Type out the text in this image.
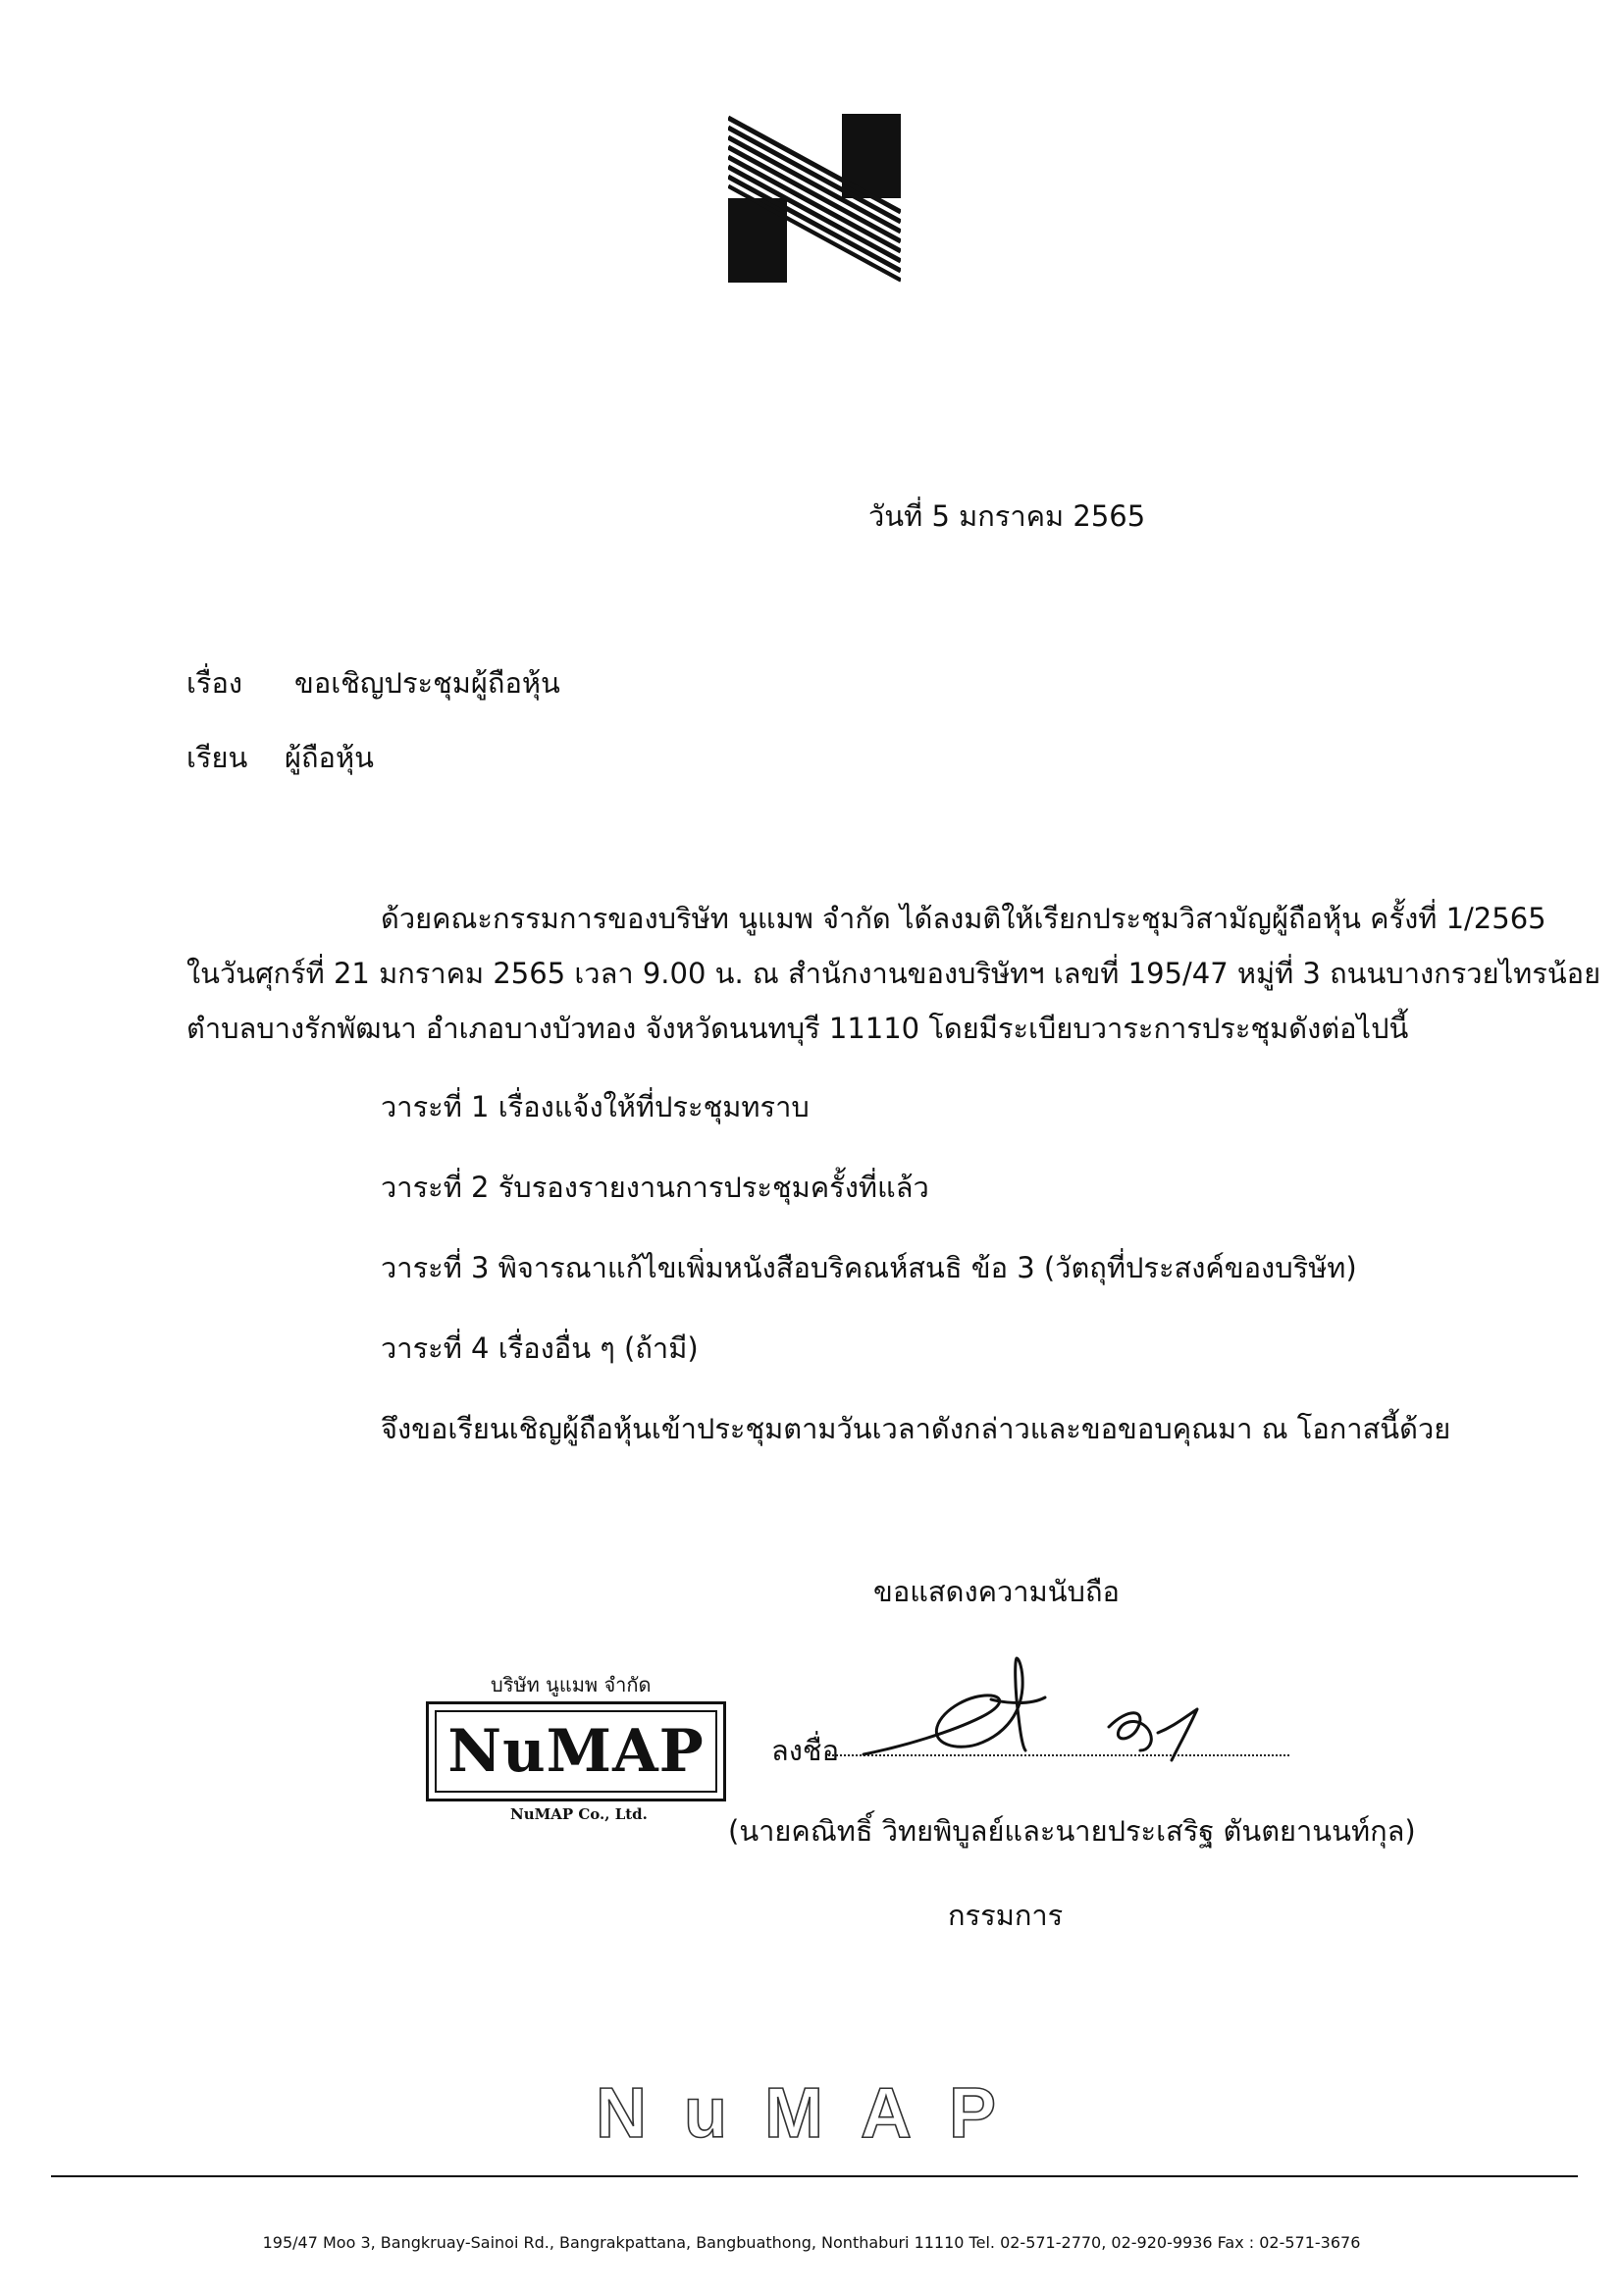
วันที่ 5 มกราคม 2565
เรื่อง ขอเชิญประชุมผู้ถือหุ้น
เรียน ผู้ถือหุ้น

ด้วยคณะกรรมการของบริษัท นูแมพ จำกัด ได้ลงมติให้เรียกประชุมวิสามัญผู้ถือหุ้น ครั้งที่ 1/2565

ในวันศุกร์ที่ 21 มกราคม 2565 เวลา 9.00 น. ณ สำนักงานของบริษัทฯ เลขที่ 195/47 หมู่ที่ 3 ถนนบางกรวยไทรน้อย

ตำบลบางรักพัฒนา อำเภอบางบัวทอง จังหวัดนนทบุรี 11110 โดยมีระเบียบวาระการประชุมดังต่อไปนี้

วาระที่ 1 เรื่องแจ้งให้ที่ประชุมทราบ
วาระที่ 2 รับรองรายงานการประชุมครั้งที่แล้ว
วาระที่ 3 พิจารณาแก้ไขเพิ่มหนังสือบริคณห์สนธิ ข้อ 3 (วัตถุที่ประสงค์ของบริษัท)
วาระที่ 4 เรื่องอื่น ๆ (ถ้ามี)
จึงขอเรียนเชิญผู้ถือหุ้นเข้าประชุมตามวันเวลาดังกล่าวและขอขอบคุณมา ณ โอกาสนี้ด้วย
ขอแสดงความนับถือ
บริษัท นูแมพ จำกัด
NuMAP
NuMAP Co., Ltd.
ลงชื่อ
(นายคณิทธิ์ วิทยพิบูลย์และนายประเสริฐ ตันตยานนท์กุล)
กรรมการ
NuMAP
195/47 Moo 3, Bangkruay-Sainoi Rd., Bangrakpattana, Bangbuathong, Nonthaburi 11110 Tel. 02-571-2770, 02-920-9936 Fax : 02-571-3676
